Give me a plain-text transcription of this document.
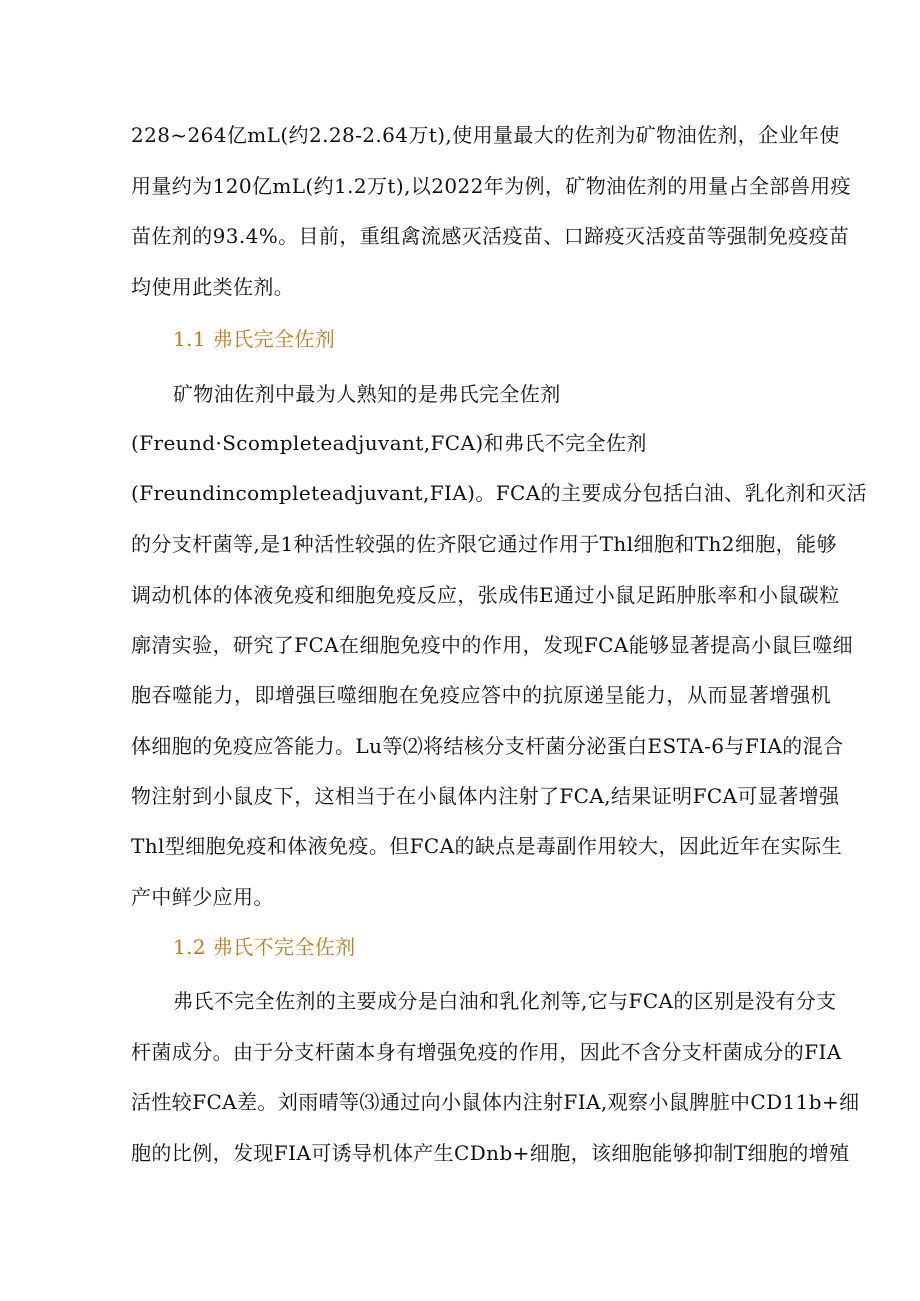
228~264亿mL(约2.28-2.64万t),使用量最大的佐剂为矿物油佐剂，企业年使
用量约为120亿mL(约1.2万t),以2022年为例，矿物油佐剂的用量占全部兽用疫
苗佐剂的93.4%。目前，重组禽流感灭活疫苗、口蹄疫灭活疫苗等强制免疫疫苗
均使用此类佐剂。
1.1 弗氏完全佐剂
矿物油佐剂中最为人熟知的是弗氏完全佐剂
(Freund·Scompleteadjuvant,FCA)和弗氏不完全佐剂
(Freundincompleteadjuvant,FIA)。FCA的主要成分包括白油、乳化剂和灭活
的分支杆菌等,是1种活性较强的佐齐限它通过作用于Thl细胞和Th2细胞，能够
调动机体的体液免疫和细胞免疫反应，张成伟E通过小鼠足跖肿胀率和小鼠碳粒
廓清实验，研究了FCA在细胞免疫中的作用，发现FCA能够显著提高小鼠巨噬细
胞吞噬能力，即增强巨噬细胞在免疫应答中的抗原递呈能力，从而显著增强机
体细胞的免疫应答能力。Lu等⑵将结核分支杆菌分泌蛋白ESTA-6与FIA的混合
物注射到小鼠皮下，这相当于在小鼠体内注射了FCA,结果证明FCA可显著增强
Thl型细胞免疫和体液免疫。但FCA的缺点是毒副作用较大，因此近年在实际生
产中鲜少应用。
1.2 弗氏不完全佐剂
弗氏不完全佐剂的主要成分是白油和乳化剂等,它与FCA的区别是没有分支
杆菌成分。由于分支杆菌本身有增强免疫的作用，因此不含分支杆菌成分的FIA
活性较FCA差。刘雨晴等⑶通过向小鼠体内注射FIA,观察小鼠脾脏中CD11b+细
胞的比例，发现FIA可诱导机体产生CDnb+细胞，该细胞能够抑制T细胞的增殖
